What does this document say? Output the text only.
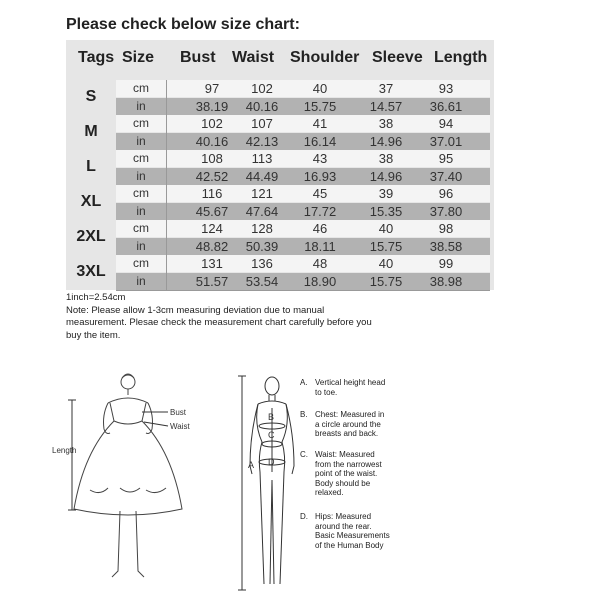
Please check below size chart:
Tags Size Bust Waist Shoulder Sleeve Length
S	cm	97	102	40	37	93
in	38.19	40.16	15.75	14.57	36.61
M	cm	102	107	41	38	94
in	40.16	42.13	16.14	14.96	37.01
L	cm	108	113	43	38	95
in	42.52	44.49	16.93	14.96	37.40
XL	cm	116	121	45	39	96
in	45.67	47.64	17.72	15.35	37.80
2XL	cm	124	128	46	40	98
in	48.82	50.39	18.11	15.75	38.58
3XL	cm	131	136	48	40	99
in	51.57	53.54	18.90	15.75	38.98
1inch=2.54cm
Note: Please allow 1-3cm measuring deviation due to manual
measurement. Plesae check the measurement chart carefully before you
buy the item.
Bust
Waist
Length
A
B
C
D
A. Vertical height head
to toe.
B. Chest: Measured in
a circle around the
breasts and back.
C. Waist: Measured
from the narrowest
point of the waist.
Body should be
relaxed.
D. Hips: Measured
around the rear.
Basic Measurements
of the Human Body
